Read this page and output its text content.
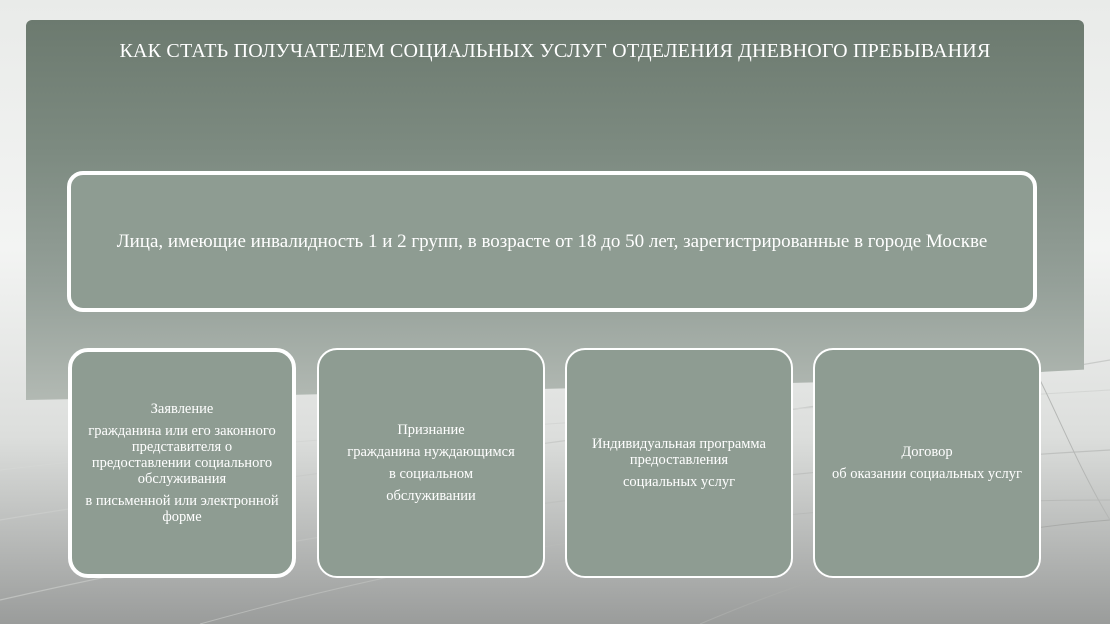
КАК СТАТЬ ПОЛУЧАТЕЛЕМ СОЦИАЛЬНЫХ УСЛУГ ОТДЕЛЕНИЯ ДНЕВНОГО ПРЕБЫВАНИЯ
Лица, имеющие инвалидность 1 и 2 групп, в возрасте от 18 до 50 лет, зарегистрированные в городе Москве

Заявление

гражданина или его законного представителя о предоставлении социального обслуживания

в письменной или электронной форме

Признание

гражданина нуждающимся

в социальном

обслуживании

Индивидуальная программа предоставления

социальных услуг

Договор

об оказании социальных услуг
